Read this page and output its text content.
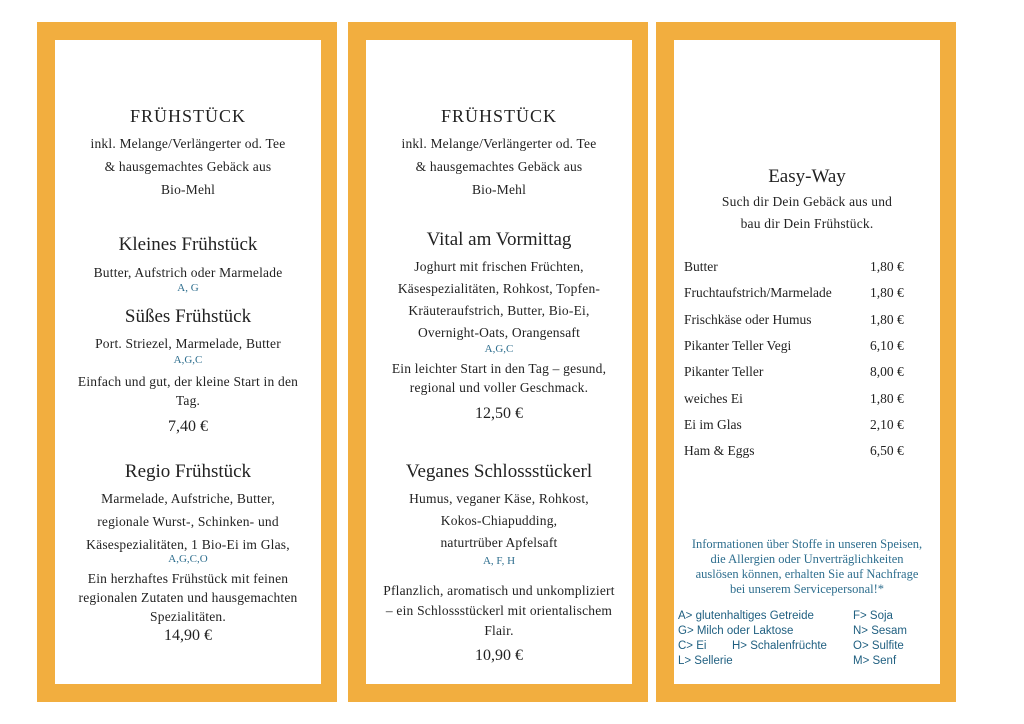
FRÜHSTÜCK
inkl. Melange/Verlängerter od. Tee
& hausgemachtes Gebäck aus
Bio-Mehl
Kleines Frühstück
Butter, Aufstrich oder Marmelade
A, G
Süßes Frühstück
Port. Striezel, Marmelade, Butter
A,G,C
Einfach und gut, der kleine Start in den
Tag.
7,40 €
Regio Frühstück
Marmelade, Aufstriche, Butter,
regionale Wurst-, Schinken- und
Käsespezialitäten, 1 Bio-Ei im Glas,
A,G,C,O
Ein herzhaftes Frühstück mit feinen
regionalen Zutaten und hausgemachten
Spezialitäten.
14,90 €
FRÜHSTÜCK
inkl. Melange/Verlängerter od. Tee
& hausgemachtes Gebäck aus
Bio-Mehl
Vital am Vormittag
Joghurt mit frischen Früchten,
Käsespezialitäten, Rohkost, Topfen-
Kräuteraufstrich, Butter, Bio-Ei,
Overnight-Oats, Orangensaft
A,G,C
Ein leichter Start in den Tag – gesund,
regional und voller Geschmack.
12,50 €
Veganes Schlossstückerl
Humus, veganer Käse, Rohkost,
Kokos-Chiapudding,
naturtrüber Apfelsaft
A, F, H
Pflanzlich, aromatisch und unkompliziert
– ein Schlossstückerl mit orientalischem
Flair.
10,90 €
Easy-Way
Such dir Dein Gebäck aus und
bau dir Dein Frühstück.
Butter	1,80 €
Fruchtaufstrich/Marmelade	1,80 €
Frischkäse oder Humus	1,80 €
Pikanter Teller Vegi	6,10 €
Pikanter Teller	8,00 €
weiches Ei	1,80 €
Ei im Glas	2,10 €
Ham & Eggs	6,50 €
Informationen über Stoffe in unseren Speisen,
die Allergien oder Unverträglichkeiten
auslösen können, erhalten Sie auf Nachfrage
bei unserem Servicepersonal!*
A> glutenhaltiges Getreide
G> Milch oder Laktose
C> Ei
L> Sellerie
H> Schalenfrüchte
F> Soja
N> Sesam
O> Sulfite
M> Senf
